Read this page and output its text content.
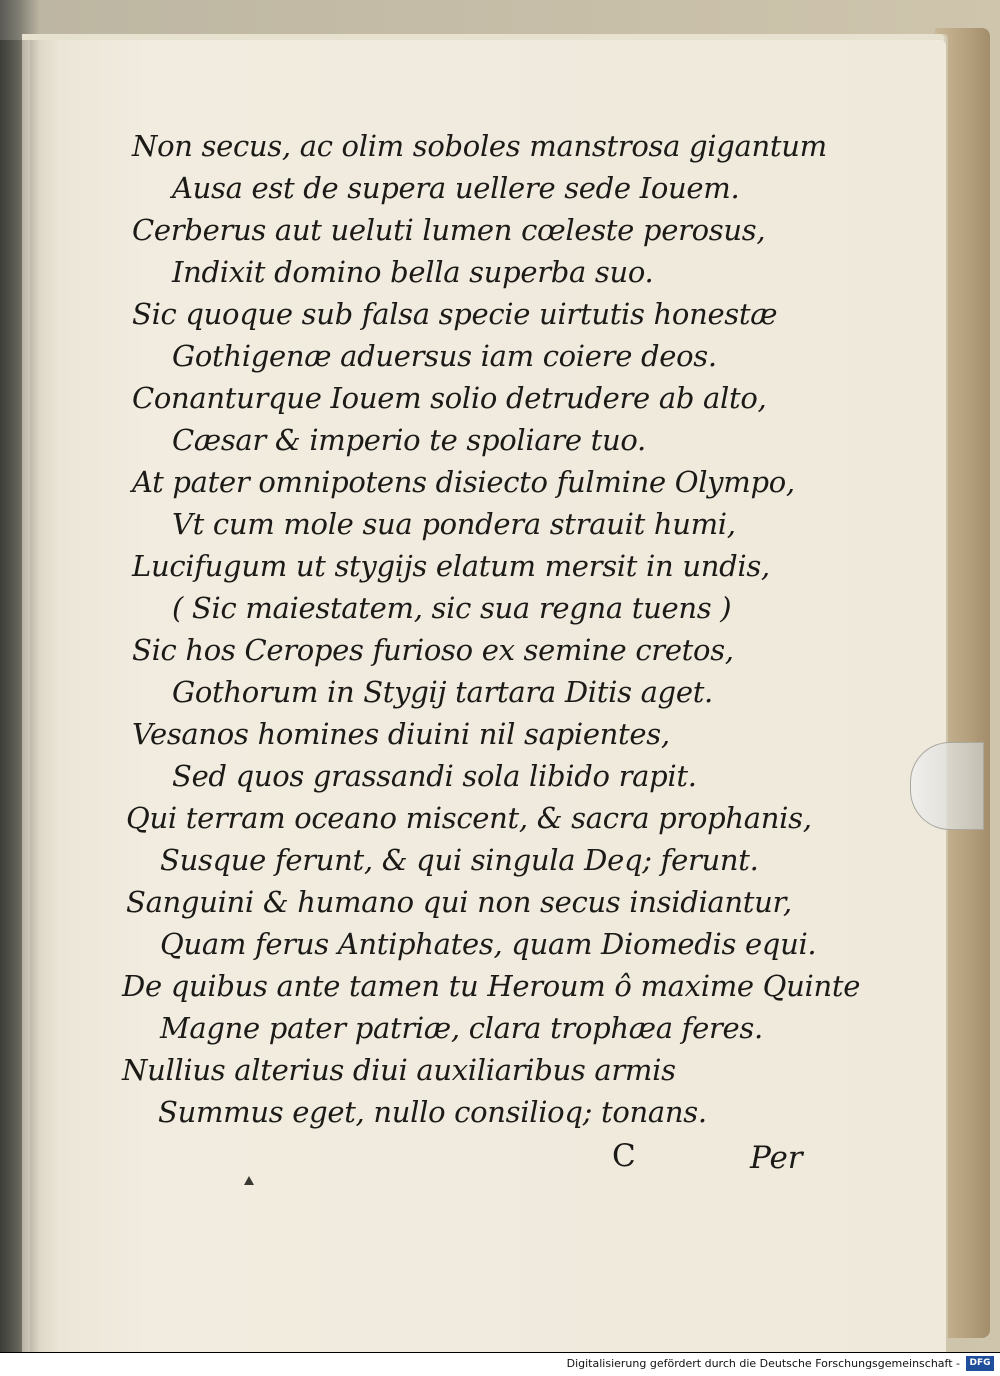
Non secus, ac olim soboles manstrosa gigantum
Ausa est de supera uellere sede Iouem.
Cerberus aut ueluti lumen cœleste perosus,
Indixit domino bella superba suo.
Sic quoque sub falsa specie uirtutis honestæ
Gothigenæ aduersus iam coiere deos.
Conanturque Iouem solio detrudere ab alto,
Cæsar & imperio te spoliare tuo.
At pater omnipotens disiecto fulmine Olympo,
Vt cum mole sua pondera strauit humi,
Lucifugum ut stygijs elatum mersit in undis,
( Sic maiestatem, sic sua regna tuens )
Sic hos Ceropes furioso ex semine cretos,
Gothorum in Stygij tartara Ditis aget.
Vesanos homines diuini nil sapientes,
Sed quos grassandi sola libido rapit.
Qui terram oceano miscent, & sacra prophanis,
Susque ferunt, & qui singula Deq; ferunt.
Sanguini & humano qui non secus insidiantur,
Quam ferus Antiphates, quam Diomedis equi.
De quibus ante tamen tu Heroum ô maxime Quinte
Magne pater patriæ, clara trophæa feres.
Nullius alterius diui auxiliaribus armis
Summus eget, nullo consilioq; tonans.
C	Per
Digitalisierung gefördert durch die Deutsche Forschungsgemeinschaft -	DFG
